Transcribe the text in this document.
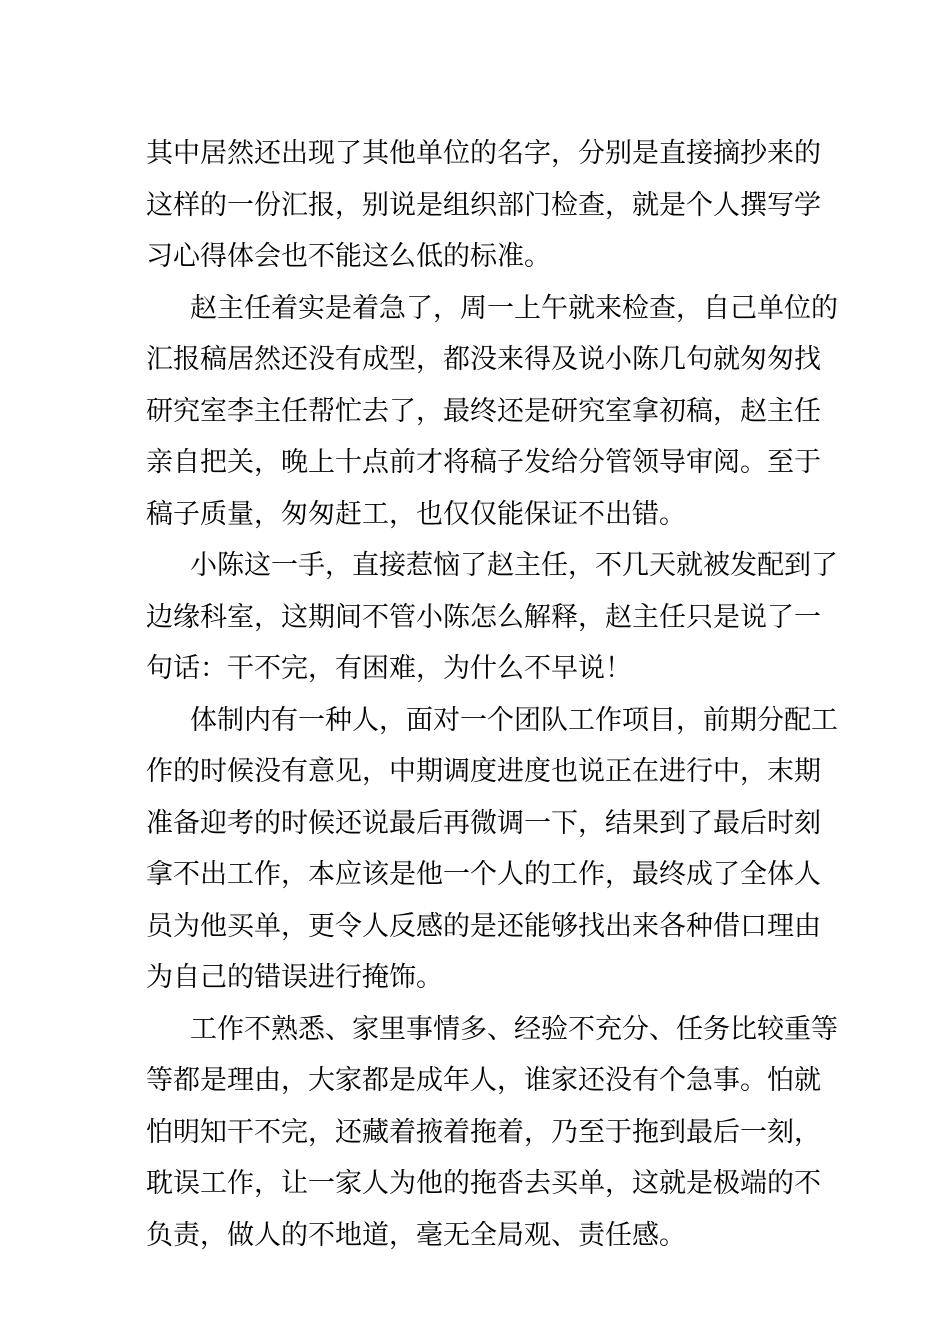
其中居然还出现了其他单位的名字，分别是直接摘抄来的
这样的一份汇报，别说是组织部门检查，就是个人撰写学
习心得体会也不能这么低的标准。
赵主任着实是着急了，周一上午就来检查，自己单位的
汇报稿居然还没有成型，都没来得及说小陈几句就匆匆找
研究室李主任帮忙去了，最终还是研究室拿初稿，赵主任
亲自把关，晚上十点前才将稿子发给分管领导审阅。至于
稿子质量，匆匆赶工，也仅仅能保证不出错。
小陈这一手，直接惹恼了赵主任，不几天就被发配到了
边缘科室，这期间不管小陈怎么解释，赵主任只是说了一
句话：干不完，有困难，为什么不早说！
体制内有一种人，面对一个团队工作项目，前期分配工
作的时候没有意见，中期调度进度也说正在进行中，末期
准备迎考的时候还说最后再微调一下，结果到了最后时刻
拿不出工作，本应该是他一个人的工作，最终成了全体人
员为他买单，更令人反感的是还能够找出来各种借口理由
为自己的错误进行掩饰。
工作不熟悉、家里事情多、经验不充分、任务比较重等
等都是理由，大家都是成年人，谁家还没有个急事。怕就
怕明知干不完，还藏着掖着拖着，乃至于拖到最后一刻，
耽误工作，让一家人为他的拖沓去买单，这就是极端的不
负责，做人的不地道，毫无全局观、责任感。
